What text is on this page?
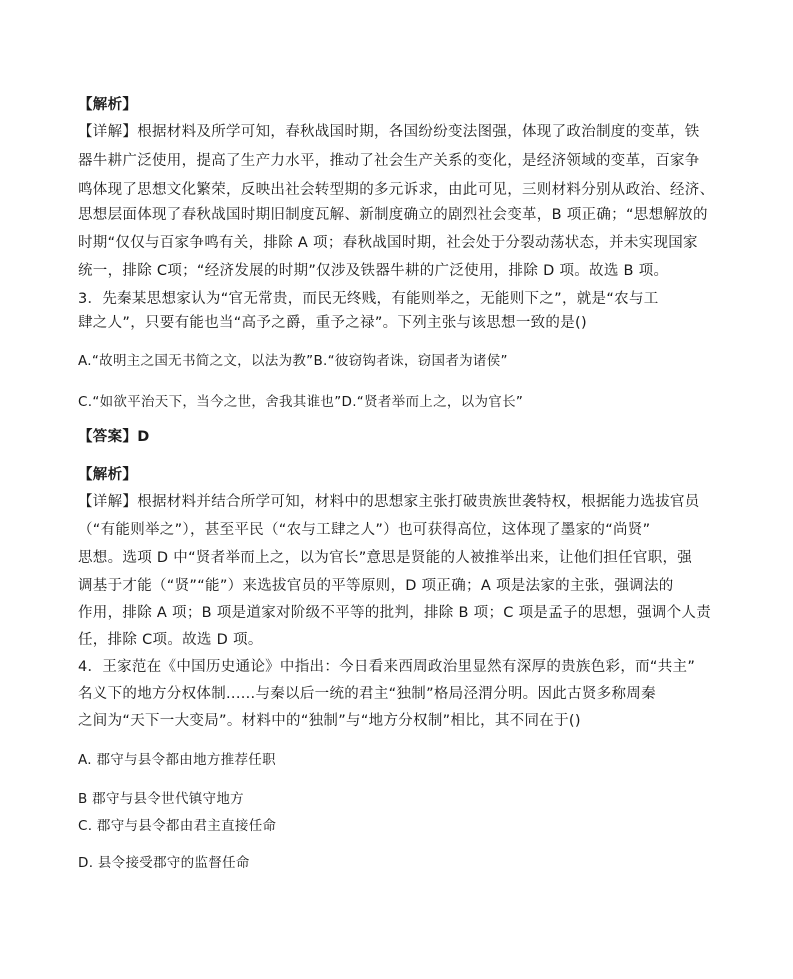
【解析】

【详解】根据材料及所学可知，春秋战国时期，各国纷纷变法图强，体现了政治制度的变革，铁

器牛耕广泛使用，提高了生产力水平，推动了社会生产关系的变化，是经济领域的变革，百家争

鸣体现了思想文化繁荣，反映出社会转型期的多元诉求，由此可见，三则材料分别从政治、经济、

思想层面体现了春秋战国时期旧制度瓦解、新制度确立的剧烈社会变革，B 项正确；“思想解放的

时期“仅仅与百家争鸣有关，排除 A 项；春秋战国时期，社会处于分裂动荡状态，并未实现国家

统一，排除 C项；“经济发展的时期”仅涉及铁器牛耕的广泛使用，排除 D 项。故选 B 项。

3．先秦某思想家认为“官无常贵，而民无终贱，有能则举之，无能则下之”，就是“农与工

肆之人”，只要有能也当“高予之爵，重予之禄”。下列主张与该思想一致的是()

A.“故明主之国无书简之文，以法为教”B.“彼窃钩者诛，窃国者为诸侯”

C.“如欲平治天下，当今之世，舍我其谁也”D.“贤者举而上之，以为官长”

【答案】D

【解析】

【详解】根据材料并结合所学可知，材料中的思想家主张打破贵族世袭特权，根据能力选拔官员

（“有能则举之”），甚至平民（“农与工肆之人”）也可获得高位，这体现了墨家的“尚贤”

思想。选项 D 中“贤者举而上之，以为官长”意思是贤能的人被推举出来，让他们担任官职，强

调基于才能（“贤”“能”）来选拔官员的平等原则，D 项正确；A 项是法家的主张，强调法的

作用，排除 A 项；B 项是道家对阶级不平等的批判，排除 B 项；C 项是孟子的思想，强调个人责

任，排除 C项。故选 D 项。

4．王家范在《中国历史通论》中指出：今日看来西周政治里显然有深厚的贵族色彩，而“共主”

名义下的地方分权体制......与秦以后一统的君主“独制”格局泾渭分明。因此古贤多称周秦

之间为“天下一大变局”。材料中的“独制”与“地方分权制”相比，其不同在于()

A. 郡守与县令都由地方推荐任职

B 郡守与县令世代镇守地方

C. 郡守与县令都由君主直接任命

D. 县令接受郡守的监督任命
